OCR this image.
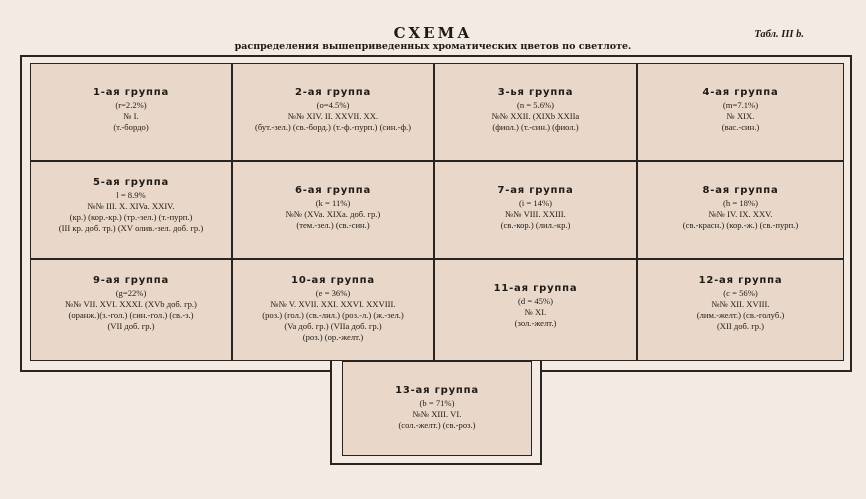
СХЕМА
распределения вышеприведенных хроматических цветов по светлоте.
Табл. III b.
1-ая группа
(r=2.2%)
№ I.
(т.-бордо)
2-ая группа
(o=4.5%)
№№ XIV. II. XXVII. XX.
(бут.-зел.) (св.-борд.) (т.-ф.-пурп.) (син.-ф.)
3-ья группа
(n = 5.6%)
№№ XXII. (XIXb XXIIa
(фиол.) (т.-син.) (фиол.)
4-ая группа
(m=7.1%)
№ XIX.
(вас.-син.)
5-ая группа
l = 8.9%
№№ III. X. XIVa. XXIV.
(кр.) (кор.-кр.) (тр.-зел.) (т.-пурп.)
(III кр. доб. тр.) (XV олив.-зел. доб. гр.)
6-ая группа
(k = 11%)
№№ (XVa. XIXa. доб. гр.)
(тем.-зел.) (св.-син.)
7-ая группа
(i = 14%)
№№ VIII. XXIII.
(св.-кор.) (лил.-кр.)
8-ая группа
(h = 18%)
№№ IV. IX. XXV.
(св.-красн.) (кор.-ж.) (св.-пурп.)
9-ая группа
(g=22%)
№№ VII. XVI. XXXI. (XVb доб. гр.)
(оранж.)(з.-гол.) (син.-гол.) (св.-з.)
(VII доб. гр.)
10-ая группа
(e = 36%)
№№ V. XVII. XXI. XXVI. XXVIII.
(роз.) (гол.) (св.-лил.) (роз.-л.) (ж.-зел.)
(Va доб. гр.) (VIIa доб. гр.)
(роз.) (ор.-желт.)
11-ая группа
(d = 45%)
№ XI.
(зол.-желт.)
12-ая группа
(c = 56%)
№№ XII. XVIII.
(лим.-желт.) (св.-голуб.)
(XII доб. гр.)
13-ая группа
(b = 71%)
№№ XIII. VI.
(сол.-желт.) (св.-роз.)
